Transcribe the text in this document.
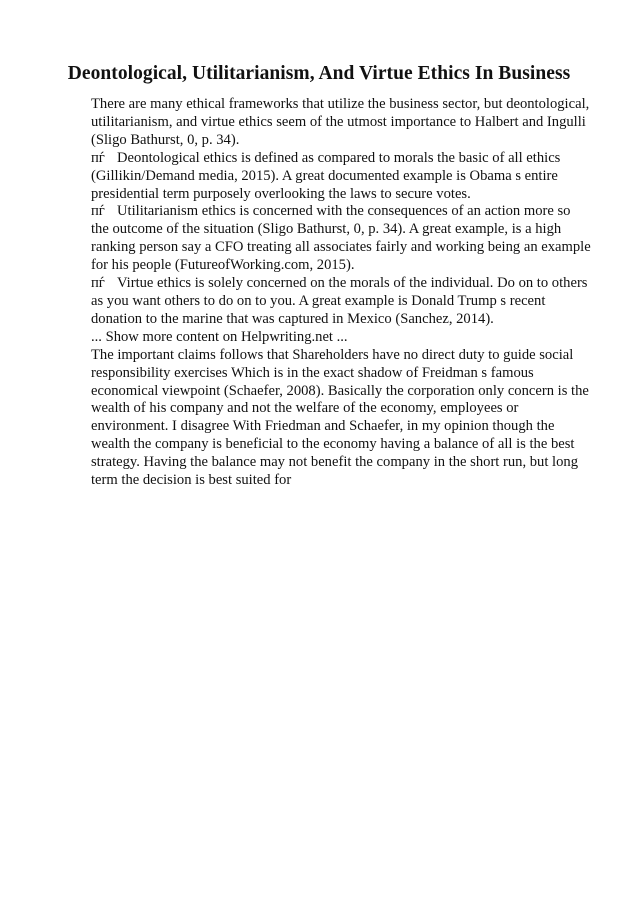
Deontological, Utilitarianism, And Virtue Ethics In Business
There are many ethical frameworks that utilize the business sector, but deontological,
utilitarianism, and virtue ethics seem of the utmost importance to Halbert and Ingulli
(Sligo Bathurst, 0, p. 34).
пѓ Deontological ethics is defined as compared to morals the basic of all ethics
(Gillikin/Demand media, 2015). A great documented example is Obama s entire
presidential term purposely overlooking the laws to secure votes.
пѓ Utilitarianism ethics is concerned with the consequences of an action more so
the outcome of the situation (Sligo Bathurst, 0, p. 34). A great example, is a high
ranking person say a CFO treating all associates fairly and working being an example
for his people (FutureofWorking.com, 2015).
пѓ Virtue ethics is solely concerned on the morals of the individual. Do on to others
as you want others to do on to you. A great example is Donald Trump s recent
donation to the marine that was captured in Mexico (Sanchez, 2014).
... Show more content on Helpwriting.net ...
The important claims follows that Shareholders have no direct duty to guide social
responsibility exercises Which is in the exact shadow of Freidman s famous
economical viewpoint (Schaefer, 2008). Basically the corporation only concern is the
wealth of his company and not the welfare of the economy, employees or
environment. I disagree With Friedman and Schaefer, in my opinion though the
wealth the company is beneficial to the economy having a balance of all is the best
strategy. Having the balance may not benefit the company in the short run, but long
term the decision is best suited for
